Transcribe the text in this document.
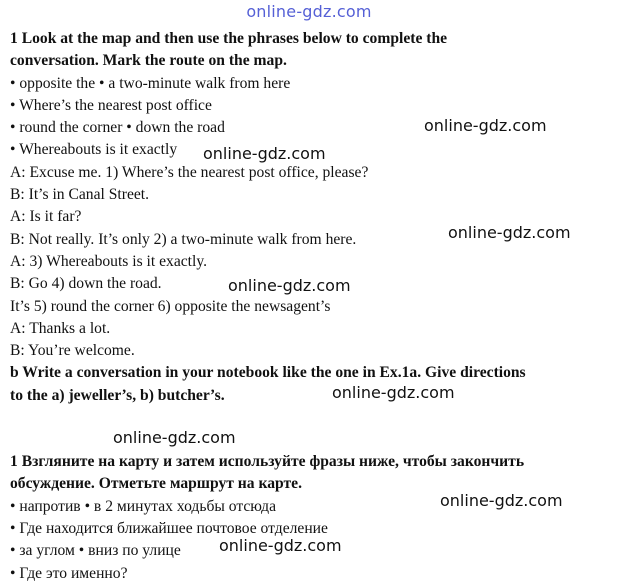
online-gdz.com
1 Look at the map and then use the phrases below to complete the
conversation. Mark the route on the map.
• opposite the • a two-minute walk from here
• Where’s the nearest post office
• round the corner • down the road
• Whereabouts is it exactly
A: Excuse me. 1) Where’s the nearest post office, please?
B: It’s in Canal Street.
A: Is it far?
B: Not really. It’s only 2) a two-minute walk from here.
A: 3) Whereabouts is it exactly.
B: Go 4) down the road.
It’s 5) round the corner 6) opposite the newsagent’s
A: Thanks a lot.
B: You’re welcome.
b Write a conversation in your notebook like the one in Ex.1a. Give directions
to the a) jeweller’s, b) butcher’s.
1 Взгляните на карту и затем используйте фразы ниже, чтобы закончить
обсуждение. Отметьте маршрут на карте.
• напротив • в 2 минутах ходьбы отсюда
• Где находится ближайшее почтовое отделение
• за углом • вниз по улице
• Где это именно?
online-gdz.com
online-gdz.com
online-gdz.com
online-gdz.com
online-gdz.com
online-gdz.com
online-gdz.com
online-gdz.com
